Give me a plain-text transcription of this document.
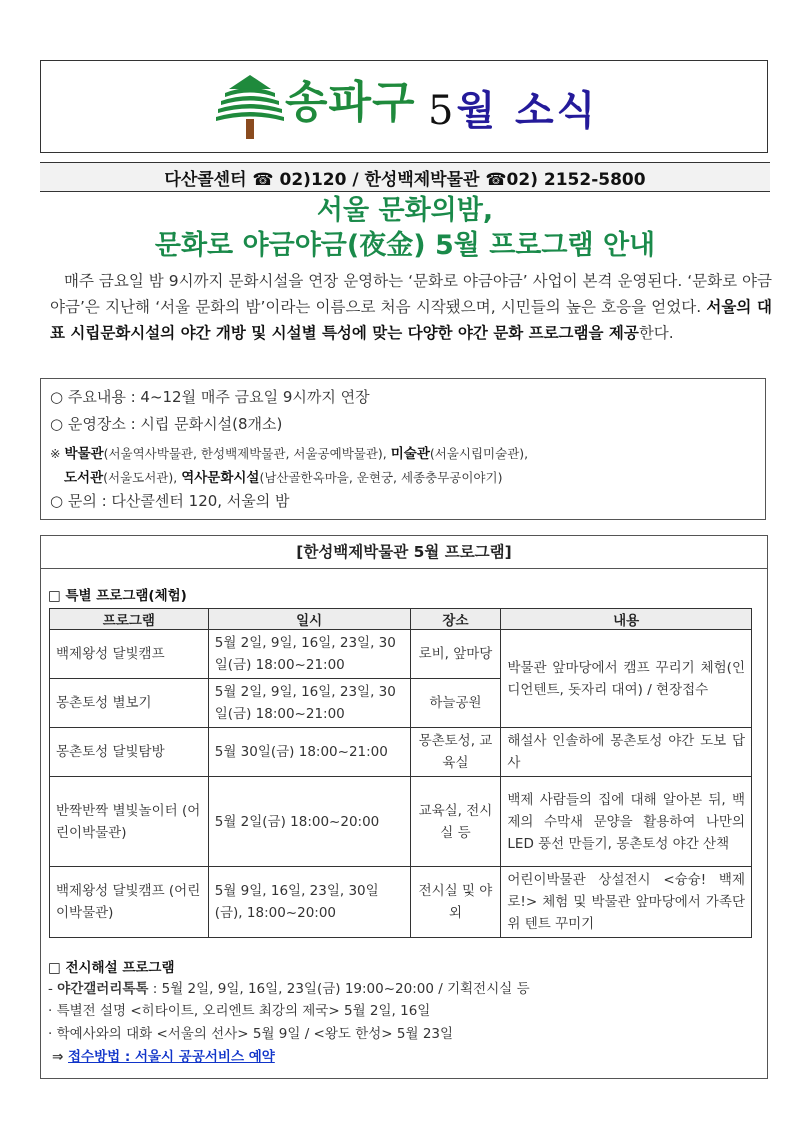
송파구 5월 소식
다산콜센터 ☎ 02)120 / 한성백제박물관 ☎02) 2152-5800
서울 문화의밤,
문화로 야금야금(夜金) 5월 프로그램 안내
매주 금요일 밤 9시까지 문화시설을 연장 운영하는 ‘문화로 야금야금’ 사업이 본격 운영된다. ‘문화로 야금야금’은 지난해 ‘서울 문화의 밤’이라는 이름으로 처음 시작됐으며, 시민들의 높은 호응을 얻었다. 서울의 대표 시립문화시설의 야간 개방 및 시설별 특성에 맞는 다양한 야간 문화 프로그램을 제공한다.
○ 주요내용 : 4~12월 매주 금요일 9시까지 연장
○ 운영장소 : 시립 문화시설(8개소)
※ 박물관(서울역사박물관, 한성백제박물관, 서울공예박물관), 미술관(서울시립미술관),
도서관(서울도서관), 역사문화시설(남산골한옥마을, 운현궁, 세종충무공이야기)
○ 문의 : 다산콜센터 120, 서울의 밤
[한성백제박물관 5월 프로그램]
□ 특별 프로그램(체험)
프로그램	일시	장소	내용
백제왕성 달빛캠프	5월 2일, 9일, 16일, 23일, 30일(금) 18:00~21:00	로비, 앞마당	박물관 앞마당에서 캠프 꾸리기 체험(인디언텐트, 돗자리 대여) / 현장접수
몽촌토성 별보기	5월 2일, 9일, 16일, 23일, 30일(금) 18:00~21:00	하늘공원	
몽촌토성 달빛탐방	5월 30일(금) 18:00~21:00	몽촌토성, 교육실	해설사 인솔하에 몽촌토성 야간 도보 답사
반짝반짝 별빛놀이터 (어린이박물관)	5월 2일(금) 18:00~20:00	교육실, 전시실 등	백제 사람들의 집에 대해 알아본 뒤, 백제의 수막새 문양을 활용하여 나만의 LED 풍선 만들기, 몽촌토성 야간 산책
백제왕성 달빛캠프 (어린이박물관)	5월 9일, 16일, 23일, 30일(금), 18:00~20:00	전시실 및 야외	어린이박물관 상설전시 <슝슝! 백제로!> 체험 및 박물관 앞마당에서 가족단위 텐트 꾸미기
□ 전시해설 프로그램
- 야간갤러리톡톡 : 5월 2일, 9일, 16일, 23일(금) 19:00~20:00 / 기획전시실 등
· 특별전 설명 <히타이트, 오리엔트 최강의 제국> 5월 2일, 16일
· 학예사와의 대화 <서울의 선사> 5월 9일 / <왕도 한성> 5월 23일
⇒ 접수방법 : 서울시 공공서비스 예약
